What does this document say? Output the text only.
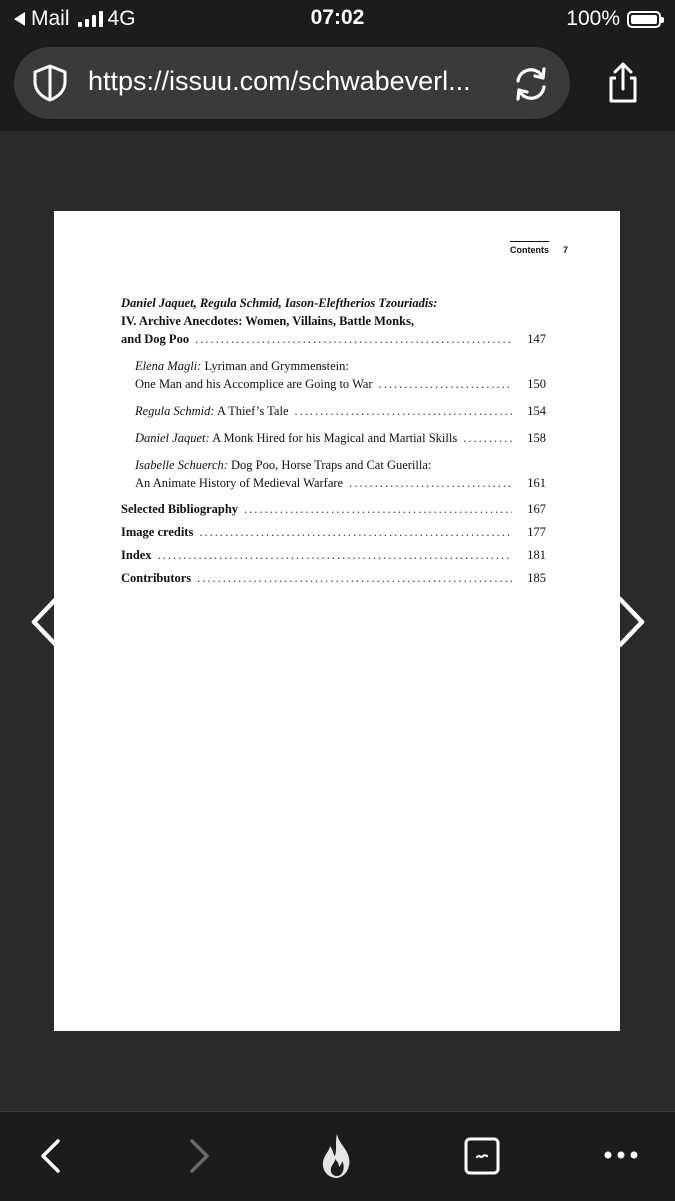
Mail 4G	07:02	100%
https://issuu.com/schwabeverl...
Contents 7
Daniel Jaquet, Regula Schmid, Iason-Eleftherios Tzouriadis:
IV. Archive Anecdotes: Women, Villains, Battle Monks,
and Dog Poo .....	147
Elena Magli: Lyriman and Grymmenstein:
One Man and his Accomplice are Going to War .....	150
Regula Schmid: A Thief’s Tale .....	154
Daniel Jaquet: A Monk Hired for his Magical and Martial Skills .....	158
Isabelle Schuerch: Dog Poo, Horse Traps and Cat Guerilla:
An Animate History of Medieval Warfare .....	161
Selected Bibliography .....	167
Image credits .....	177
Index .....	181
Contributors .....	185
